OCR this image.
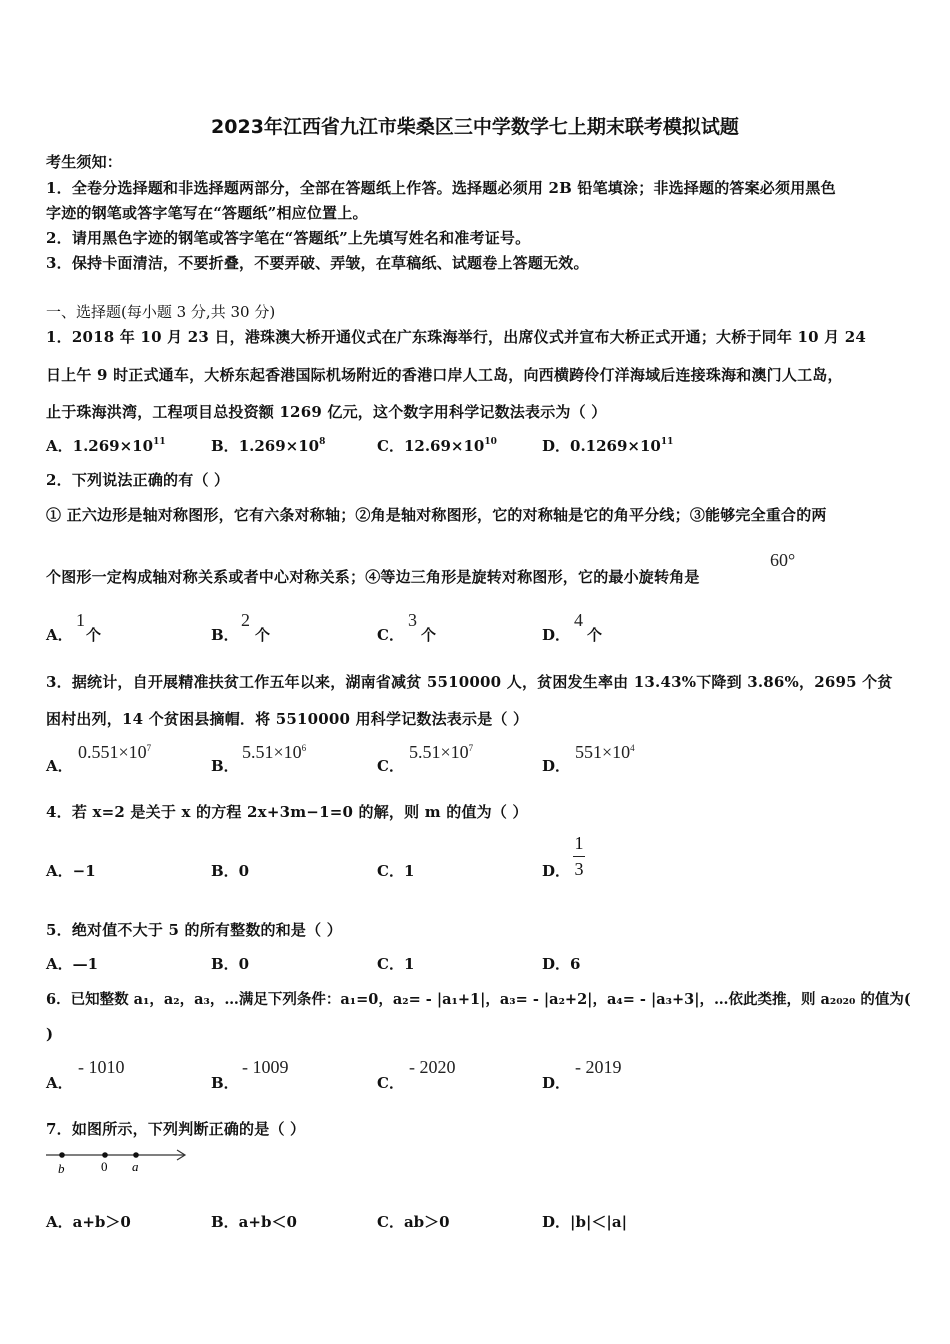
2023年江西省九江市柴桑区三中学数学七上期末联考模拟试题
考生须知：
1．全卷分选择题和非选择题两部分，全部在答题纸上作答。选择题必须用 2B 铅笔填涂；非选择题的答案必须用黑色
字迹的钢笔或答字笔写在“答题纸”相应位置上。
2．请用黑色字迹的钢笔或答字笔在“答题纸”上先填写姓名和准考证号。
3．保持卡面清洁，不要折叠，不要弄破、弄皱，在草稿纸、试题卷上答题无效。
一、选择题(每小题 3 分,共 30 分)
1．2018 年 10 月 23 日，港珠澳大桥开通仪式在广东珠海举行，出席仪式并宣布大桥正式开通；大桥于同年 10 月 24
日上午 9 时正式通车，大桥东起香港国际机场附近的香港口岸人工岛，向西横跨伶仃洋海域后连接珠海和澳门人工岛，
止于珠海洪湾，工程项目总投资额 1269 亿元，这个数字用科学记数法表示为（ ）
A．$1.269\times 10^{11}$	B．$1.269\times 10^8$	C．$12.69\times 10^{10}$	D．$0.1269\times 10^{11}$
2．下列说法正确的有（ ）
① 正六边形是轴对称图形，它有六条对称轴；②角是轴对称图形，它的对称轴是它的角平分线；③能够完全重合的两
个图形一定构成轴对称关系或者中心对称关系；④等边三角形是旋转对称图形，它的最小旋转角是
60°
A．
1
个	B．
2
个	C．
3
个	D．
4
个
3．据统计，自开展精准扶贫工作五年以来，湖南省减贫 5510000 人，贫困发生率由 13.43%下降到 3.86%，2695 个贫
困村出列，14 个贫困县摘帽．将 5510000 用科学记数法表示是（ ）
A．
$0.551\times 10^7$
B．
$5.51\times 10^6$
C．
$5.51\times 10^7$
D．
$551\times 10^4$
4．若 x=2 是关于 x 的方程 2x+3m−1=0 的解，则 m 的值为（ ）
A．−1	B．0	C．1	D．
1
3
5．绝对值不大于 5 的所有整数的和是（ ）
A．—1	B．0	C．1	D．6
6．已知整数 a₁，a₂，a₃，…满足下列条件：a₁=0，a₂= - |a₁+1|，a₃= - |a₂+2|，a₄= - |a₃+3|，…依此类推，则 a₂₀₂₀ 的值为(
)
A．
- 1010
B．
- 1009
C．
- 2020
D．
- 2019
7．如图所示，下列判断正确的是（ ）
b	0 a
A．a+b＞0	B．a+b＜0	C．ab＞0	D．|b|＜|a|
